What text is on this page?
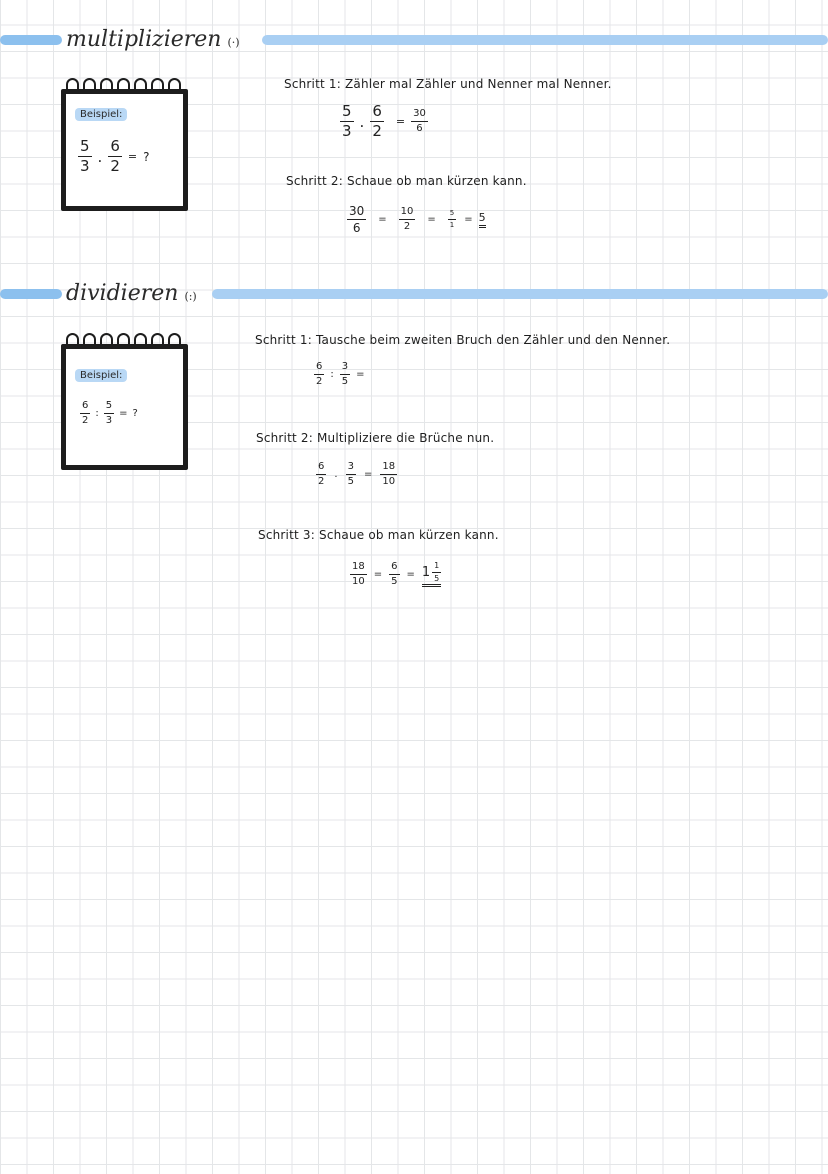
multiplizieren (·)
Beispiel:
$\frac{5}{3}$ . $\frac{6}{2}$ = ?
Schritt 1: Zähler mal Zähler und Nenner mal Nenner.
$\frac{5}{3}$ . $\frac{6}{2} = \frac{30}{6}$
Schritt 2: Schaue ob man kürzen kann.
$\frac{30}{6} = \frac{10}{2} = \frac{5}{1} = 5$
dividieren (:)
Beispiel:
$\frac{6}{2}$ : $\frac{5}{3}$ = ?
Schritt 1: Tausche beim zweiten Bruch den Zähler und den Nenner.
$\frac{6}{2}$ : $\frac{3}{5}$ =
Schritt 2: Multipliziere die Brüche nun.
$\frac{6}{2}$ . $\frac{3}{5} = \frac{18}{10}$
Schritt 3: Schaue ob man kürzen kann.
$\frac{18}{10} = \frac{6}{5} = 1 \frac{1}{5}$
